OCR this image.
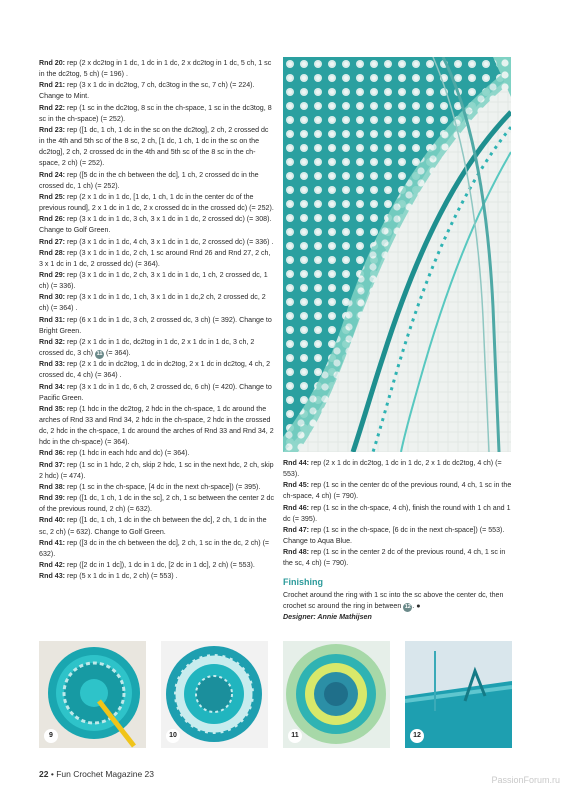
Rnd 20: rep (2 x dc2tog in 1 dc, 1 dc in 1 dc, 2 x dc2tog in 1 dc, 5 ch, 1 sc in the dc2tog, 5 ch) (= 196) .

Rnd 21: rep (3 x 1 dc in dc2tog, 7 ch, dc3tog in the sc, 7 ch) (= 224). Change to Mint.

Rnd 22: rep (1 sc in the dc2tog, 8 sc in the ch-space, 1 sc in the dc3tog, 8 sc in the ch-space) (= 252).

Rnd 23: rep ([1 dc, 1 ch, 1 dc in the sc on the dc2tog], 2 ch, 2 crossed dc in the 4th and 5th sc of the 8 sc, 2 ch, [1 dc, 1 ch, 1 dc in the sc on the dc2tog], 2 ch, 2 crossed dc in the 4th and 5th sc of the 8 sc in the ch-space, 2 ch) (= 252).

Rnd 24: rep ([5 dc in the ch between the dc], 1 ch, 2 crossed dc in the crossed dc, 1 ch) (= 252).

Rnd 25: rep (2 x 1 dc in 1 dc, [1 dc, 1 ch, 1 dc in the center dc of the previous round], 2 x 1 dc in 1 dc, 2 x crossed dc in the crossed dc) (= 252).

Rnd 26: rep (3 x 1 dc in 1 dc, 3 ch, 3 x 1 dc in 1 dc, 2 crossed dc) (= 308). Change to Golf Green.

Rnd 27: rep (3 x 1 dc in 1 dc, 4 ch, 3 x 1 dc in 1 dc, 2 crossed dc) (= 336) .

Rnd 28: rep (3 x 1 dc in 1 dc, 2 ch, 1 sc around Rnd 26 and Rnd 27, 2 ch, 3 x 1 dc in 1 dc, 2 crossed dc) (= 364).

Rnd 29: rep (3 x 1 dc in 1 dc, 2 ch, 3 x 1 dc in 1 dc, 1 ch, 2 crossed dc, 1 ch) (= 336).

Rnd 30: rep (3 x 1 dc in 1 dc, 1 ch, 3 x 1 dc in 1 dc,2 ch, 2 crossed dc, 2 ch) (= 364) .

Rnd 31: rep (6 x 1 dc in 1 dc, 3 ch, 2 crossed dc, 3 ch) (= 392). Change to Bright Green.

Rnd 32: rep (2 x 1 dc in 1 dc, dc2tog in 1 dc, 2 x 1 dc in 1 dc, 3 ch, 2 crossed dc, 3 ch) 11 (= 364).

Rnd 33: rep (2 x 1 dc in dc2tog, 1 dc in dc2tog, 2 x 1 dc in dc2tog, 4 ch, 2 crossed dc, 4 ch) (= 364) .

Rnd 34: rep (3 x 1 dc in 1 dc, 6 ch, 2 crossed dc, 6 ch) (= 420). Change to Pacific Green.

Rnd 35: rep (1 hdc in the dc2tog, 2 hdc in the ch-space, 1 dc around the arches of Rnd 33 and Rnd 34, 2 hdc in the ch-space, 2 hdc in the crossed dc, 2 hdc in the ch-space, 1 dc around the arches of Rnd 33 and Rnd 34, 2 hdc in the ch-space) (= 364).

Rnd 36: rep (1 hdc in each hdc and dc) (= 364).

Rnd 37: rep (1 sc in 1 hdc, 2 ch, skip 2 hdc, 1 sc in the next hdc, 2 ch, skip 2 hdc) (= 474).

Rnd 38: rep (1 sc in the ch-space, [4 dc in the next ch-space]) (= 395).

Rnd 39: rep ([1 dc, 1 ch, 1 dc in the sc], 2 ch, 1 sc between the center 2 dc of the previous round, 2 ch) (= 632).

Rnd 40: rep ([1 dc, 1 ch, 1 dc in the ch between the dc], 2 ch, 1 dc in the sc, 2 ch) (= 632). Change to Golf Green.

Rnd 41: rep ([3 dc in the ch between the dc], 2 ch, 1 sc in the dc, 2 ch) (= 632).

Rnd 42: rep ([2 dc in 1 dc]), 1 dc in 1 dc, [2 dc in 1 dc], 2 ch) (= 553).

Rnd 43: rep (5 x 1 dc in 1 dc, 2 ch) (= 553) .

Rnd 44: rep (2 x 1 dc in dc2tog, 1 dc in 1 dc, 2 x 1 dc dc2tog, 4 ch) (= 553).

Rnd 45: rep (1 sc in the center dc of the previous round, 4 ch, 1 sc in the ch-space, 4 ch) (= 790).

Rnd 46: rep (1 sc in the ch-space, 4 ch), finish the round with 1 ch and 1 dc (= 395).

Rnd 47: rep (1 sc in the ch-space, [6 dc in the next ch-space]) (= 553). Change to Aqua Blue.

Rnd 48: rep (1 sc in the center 2 dc of the previous round, 4 ch, 1 sc in the sc, 4 ch) (= 790).

Finishing

Crochet around the ring with 1 sc into the sc above the center dc, then crochet sc around the ring in between 12. ●

Designer: Annie Mathijsen
9	10	11	12
22 • Fun Crochet Magazine 23
PassionForum.ru
